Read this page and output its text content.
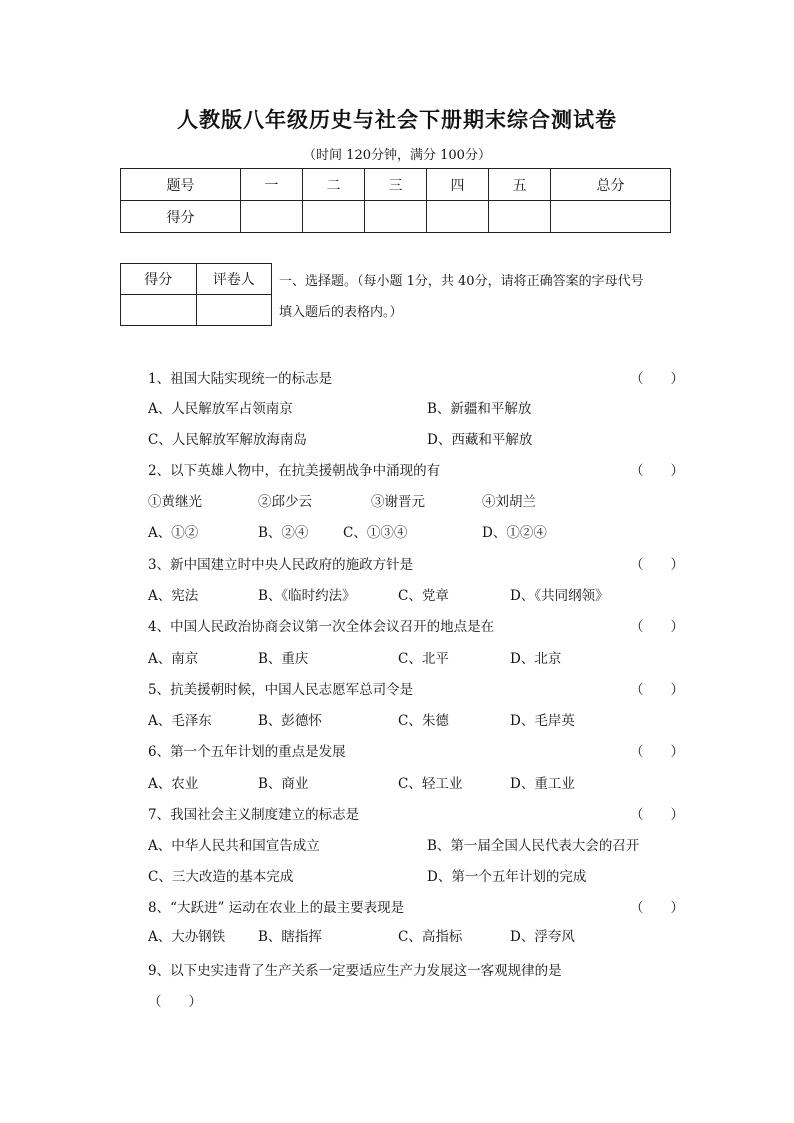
人教版八年级历史与社会下册期末综合测试卷
（时间 120分钟，满分 100分）
题号	一	二	三	四	五	总分
得分						
得分	评卷人
	一、选择题。（每小题 1分，共 40分，请将正确答案的字母代号
填入题后的表格内。）
1、祖国大陆实现统一的标志是	（　　）
A、人民解放军占领南京	B、新疆和平解放
C、人民解放军解放海南岛	D、西藏和平解放
2、以下英雄人物中，在抗美援朝战争中涌现的有	（　　）
①黄继光	②邱少云	③谢晋元	④刘胡兰
A、①②	B、②④	C、①③④	D、①②④
3、新中国建立时中央人民政府的施政方针是	（　　）
A、宪法	B、《临时约法》	C、党章	D、《共同纲领》
4、中国人民政治协商会议第一次全体会议召开的地点是在	（　　）
A、南京	B、重庆	C、北平	D、北京
5、抗美援朝时候，中国人民志愿军总司令是	（　　）
A、毛泽东	B、彭德怀	C、朱德	D、毛岸英
6、第一个五年计划的重点是发展	（　　）
A、农业	B、商业	C、轻工业	D、重工业
7、我国社会主义制度建立的标志是	（　　）
A、中华人民共和国宣告成立	B、第一届全国人民代表大会的召开
C、三大改造的基本完成	D、第一个五年计划的完成
8、“大跃进” 运动在农业上的最主要表现是	（　　）
A、大办钢铁 B、瞎指挥	C、高指标	D、浮夸风
9、以下史实违背了生产关系一定要适应生产力发展这一客观规律的是
（　　）
